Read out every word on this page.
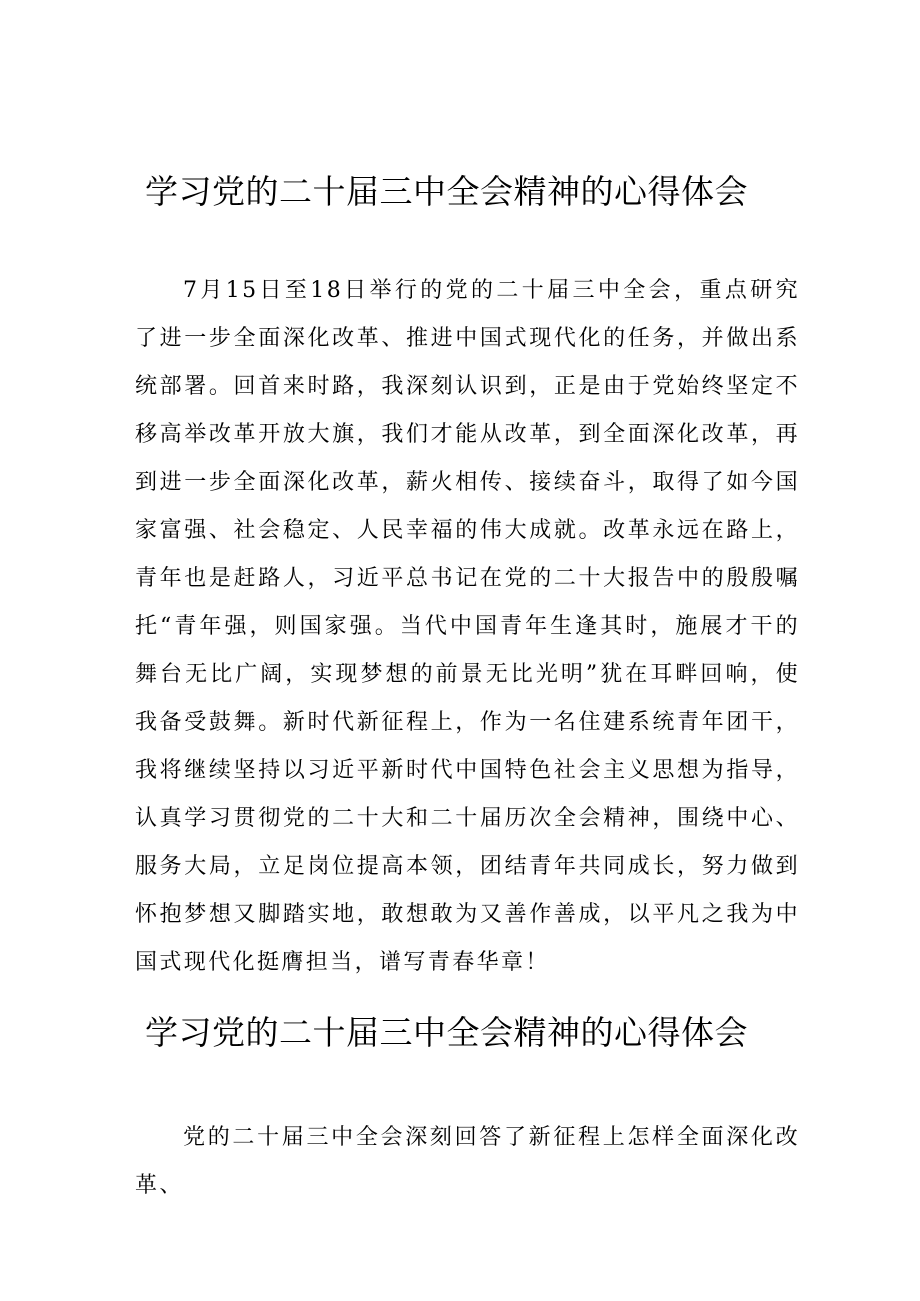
学习党的二十届三中全会精神的心得体会

7月15日至18日举行的党的二十届三中全会，重点研究了进一步全面深化改革、推进中国式现代化的任务，并做出系统部署。回首来时路，我深刻认识到，正是由于党始终坚定不移高举改革开放大旗，我们才能从改革，到全面深化改革，再到进一步全面深化改革，薪火相传、接续奋斗，取得了如今国家富强、社会稳定、人民幸福的伟大成就。改革永远在路上，青年也是赶路人，习近平总书记在党的二十大报告中的殷殷嘱托“青年强，则国家强。当代中国青年生逢其时，施展才干的舞台无比广阔，实现梦想的前景无比光明”犹在耳畔回响，使我备受鼓舞。新时代新征程上，作为一名住建系统青年团干，我将继续坚持以习近平新时代中国特色社会主义思想为指导，认真学习贯彻党的二十大和二十届历次全会精神，围绕中心、服务大局，立足岗位提高本领，团结青年共同成长，努力做到怀抱梦想又脚踏实地，敢想敢为又善作善成，以平凡之我为中国式现代化挺膺担当，谱写青春华章！

学习党的二十届三中全会精神的心得体会

党的二十届三中全会深刻回答了新征程上怎样全面深化改革、
